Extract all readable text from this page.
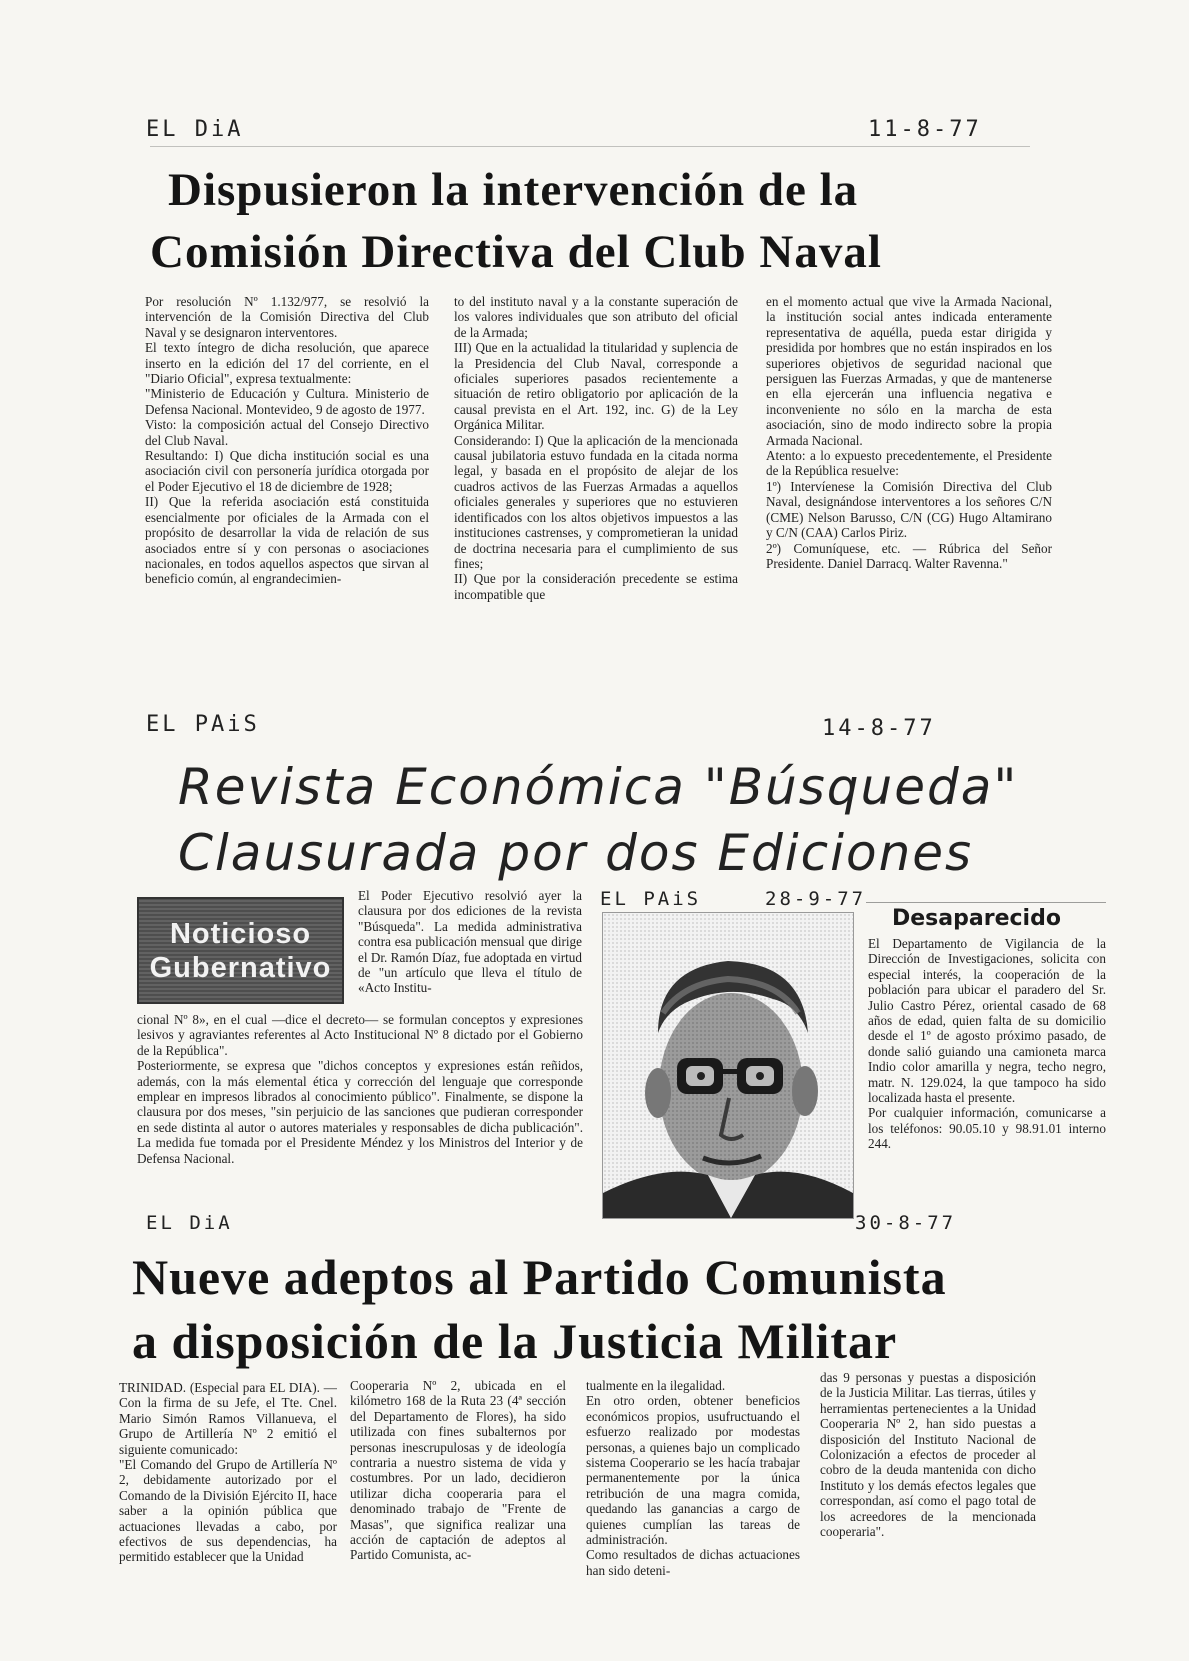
EL DiA	11-8-77
Dispusieron la intervención de la
Comisión Directiva del Club Naval
Por resolución Nº 1.132/977, se resolvió la intervención de la Comisión Directiva del Club Naval y se designaron interventores.
El texto íntegro de dicha resolución, que aparece inserto en la edición del 17 del corriente, en el "Diario Oficial", expresa textualmente:
"Ministerio de Educación y Cultura. Ministerio de Defensa Nacional. Montevideo, 9 de agosto de 1977.
Visto: la composición actual del Consejo Directivo del Club Naval.
Resultando: I) Que dicha institución social es una asociación civil con personería jurídica otorgada por el Poder Ejecutivo el 18 de diciembre de 1928;
II) Que la referida asociación está constituida esencialmente por oficiales de la Armada con el propósito de desarrollar la vida de relación de sus asociados entre sí y con personas o asociaciones nacionales, en todos aquellos aspectos que sirvan al beneficio común, al engrandecimien-
to del instituto naval y a la constante superación de los valores individuales que son atributo del oficial de la Armada;
III) Que en la actualidad la titularidad y suplencia de la Presidencia del Club Naval, corresponde a oficiales superiores pasados recientemente a situación de retiro obligatorio por aplicación de la causal prevista en el Art. 192, inc. G) de la Ley Orgánica Militar.
Considerando: I) Que la aplicación de la mencionada causal jubilatoria estuvo fundada en la citada norma legal, y basada en el propósito de alejar de los cuadros activos de las Fuerzas Armadas a aquellos oficiales generales y superiores que no estuvieren identificados con los altos objetivos impuestos a las instituciones castrenses, y comprometieran la unidad de doctrina necesaria para el cumplimiento de sus fines;
II) Que por la consideración precedente se estima incompatible que
en el momento actual que vive la Armada Nacional, la institución social antes indicada enteramente representativa de aquélla, pueda estar dirigida y presidida por hombres que no están inspirados en los superiores objetivos de seguridad nacional que persiguen las Fuerzas Armadas, y que de mantenerse en ella ejercerán una influencia negativa e inconveniente no sólo en la marcha de esta asociación, sino de modo indirecto sobre la propia Armada Nacional.
Atento: a lo expuesto precedentemente, el Presidente de la República resuelve:
1º) Intervíenese la Comisión Directiva del Club Naval, designándose interventores a los señores C/N (CME) Nelson Barusso, C/N (CG) Hugo Altamirano y C/N (CAA) Carlos Piriz.
2º) Comuníquese, etc. — Rúbrica del Señor Presidente. Daniel Darracq. Walter Ravenna."
EL PAiS	14-8-77
Revista Económica "Búsqueda"
Clausurada por dos Ediciones
Noticioso
Gubernativo
El Poder Ejecutivo resolvió ayer la clausura por dos ediciones de la revista "Búsqueda". La medida administrativa contra esa publicación mensual que dirige el Dr. Ramón Díaz, fue adoptada en virtud de "un artículo que lleva el título de «Acto Institu-
cional Nº 8», en el cual —dice el decreto— se formulan conceptos y expresiones lesivos y agraviantes referentes al Acto Institucional Nº 8 dictado por el Gobierno de la República".
Posteriormente, se expresa que "dichos conceptos y expresiones están reñidos, además, con la más elemental ética y corrección del lenguaje que corresponde emplear en impresos librados al conocimiento público". Finalmente, se dispone la clausura por dos meses, "sin perjuicio de las sanciones que pudieran corresponder en sede distinta al autor o autores materiales y responsables de dicha publicación". La medida fue tomada por el Presidente Méndez y los Ministros del Interior y de Defensa Nacional.
EL PAiS	28-9-77
Desaparecido
El Departamento de Vigilancia de la Dirección de Investigaciones, solicita con especial interés, la cooperación de la población para ubicar el paradero del Sr. Julio Castro Pérez, oriental casado de 68 años de edad, quien falta de su domicilio desde el 1º de agosto próximo pasado, de donde salió guiando una camioneta marca Indio color amarilla y negra, techo negro, matr. N. 129.024, la que tampoco ha sido localizada hasta el presente.
Por cualquier información, comunicarse a los teléfonos: 90.05.10 y 98.91.01 interno 244.
EL DiA	30-8-77
Nueve adeptos al Partido Comunista
a disposición de la Justicia Militar
TRINIDAD. (Especial para EL DIA). — Con la firma de su Jefe, el Tte. Cnel. Mario Simón Ramos Villanueva, el Grupo de Artillería Nº 2 emitió el siguiente comunicado:
"El Comando del Grupo de Artillería Nº 2, debidamente autorizado por el Comando de la División Ejército II, hace saber a la opinión pública que actuaciones llevadas a cabo, por efectivos de sus dependencias, ha permitido establecer que la Unidad
Cooperaria Nº 2, ubicada en el kilómetro 168 de la Ruta 23 (4ª sección del Departamento de Flores), ha sido utilizada con fines subalternos por personas inescrupulosas y de ideología contraria a nuestro sistema de vida y costumbres. Por un lado, decidieron utilizar dicha cooperaria para el denominado trabajo de "Frente de Masas", que significa realizar una acción de captación de adeptos al Partido Comunista, ac-
tualmente en la ilegalidad.
En otro orden, obtener beneficios económicos propios, usufructuando el esfuerzo realizado por modestas personas, a quienes bajo un complicado sistema Cooperario se les hacía trabajar permanentemente por la única retribución de una magra comida, quedando las ganancias a cargo de quienes cumplían las tareas de administración.
Como resultados de dichas actuaciones han sido deteni-
das 9 personas y puestas a disposición de la Justicia Militar. Las tierras, útiles y herramientas pertenecientes a la Unidad Cooperaria Nº 2, han sido puestas a disposición del Instituto Nacional de Colonización a efectos de proceder al cobro de la deuda mantenida con dicho Instituto y los demás efectos legales que correspondan, así como el pago total de los acreedores de la mencionada cooperaria".
